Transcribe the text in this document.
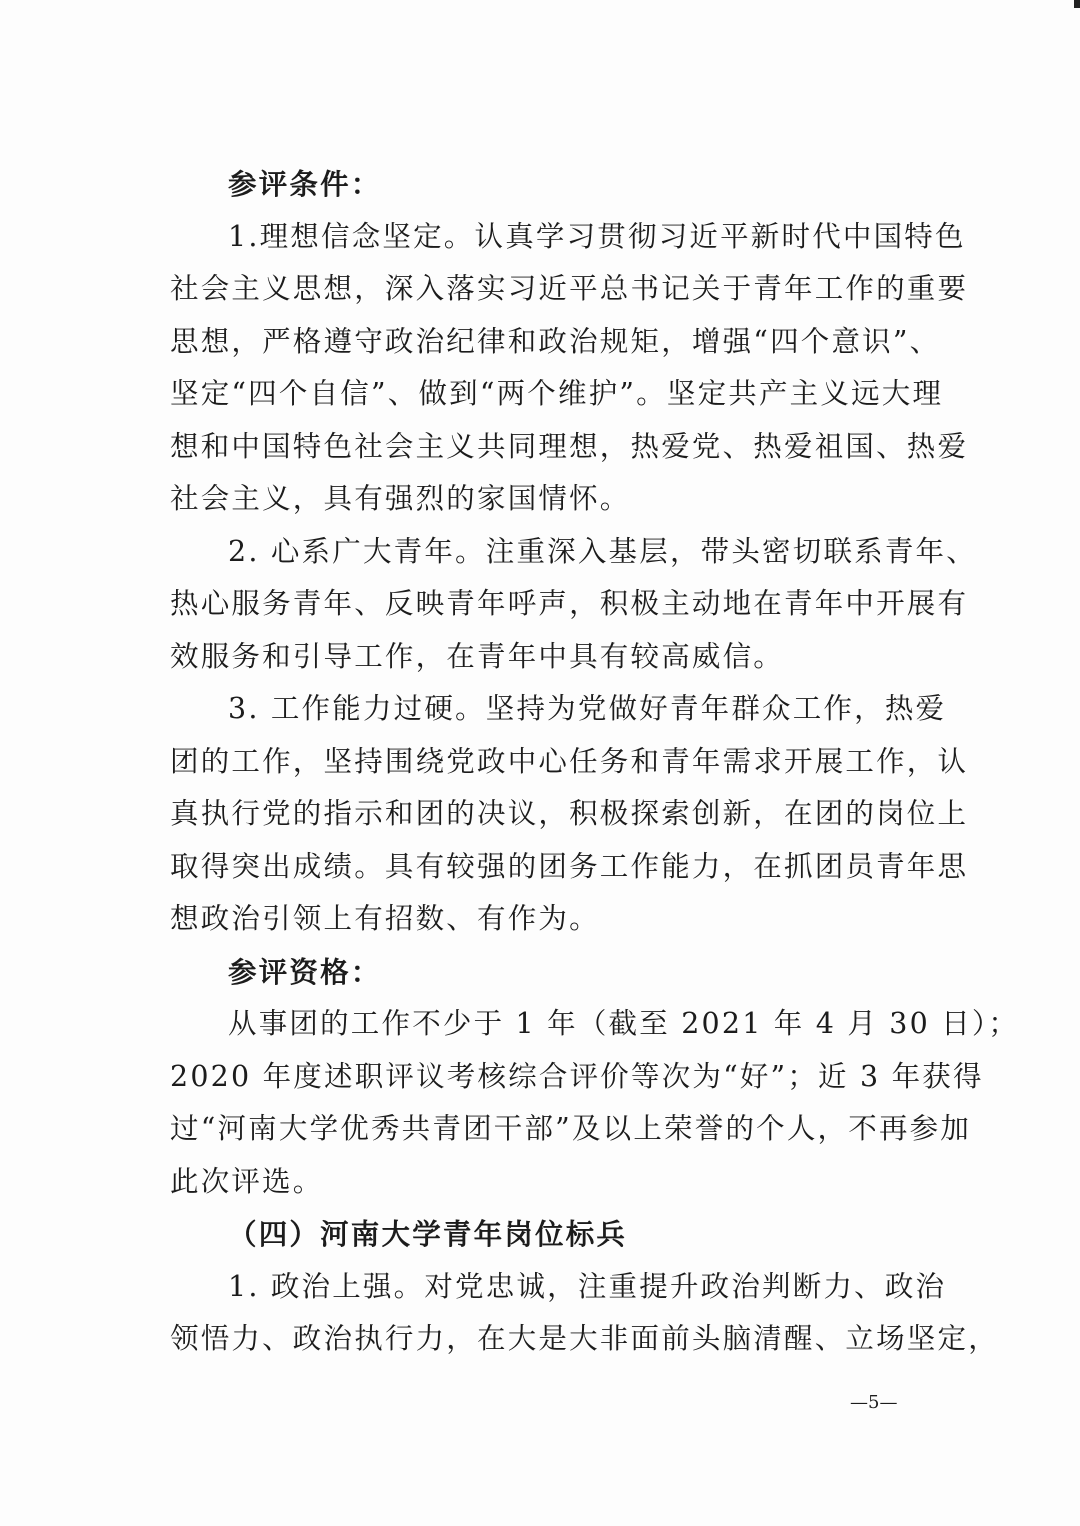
参评条件：
1.理想信念坚定。认真学习贯彻习近平新时代中国特色
社会主义思想，深入落实习近平总书记关于青年工作的重要
思想，严格遵守政治纪律和政治规矩，增强“四个意识”、
坚定“四个自信”、做到“两个维护”。坚定共产主义远大理
想和中国特色社会主义共同理想，热爱党、热爱祖国、热爱
社会主义，具有强烈的家国情怀。
2. 心系广大青年。注重深入基层，带头密切联系青年、
热心服务青年、反映青年呼声，积极主动地在青年中开展有
效服务和引导工作，在青年中具有较高威信。
3. 工作能力过硬。坚持为党做好青年群众工作，热爱
团的工作，坚持围绕党政中心任务和青年需求开展工作，认
真执行党的指示和团的决议，积极探索创新，在团的岗位上
取得突出成绩。具有较强的团务工作能力，在抓团员青年思
想政治引领上有招数、有作为。
参评资格：
从事团的工作不少于 1 年（截至 2021 年 4 月 30 日）；
2020 年度述职评议考核综合评价等次为“好”；近 3 年获得
过“河南大学优秀共青团干部”及以上荣誉的个人，不再参加
此次评选。
（四）河南大学青年岗位标兵
1. 政治上强。对党忠诚，注重提升政治判断力、政治
领悟力、政治执行力，在大是大非面前头脑清醒、立场坚定，
—5—
